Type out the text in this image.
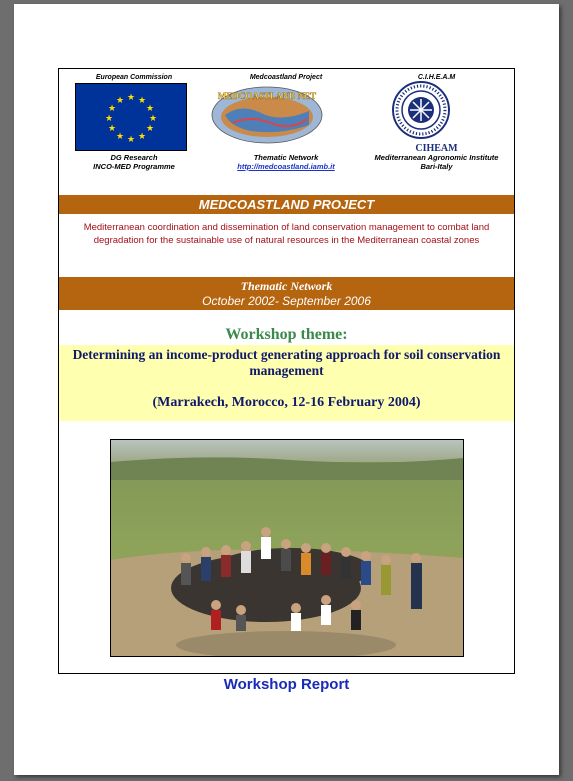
European Commission	Medcoastland Project	C.I.H.E.A.M
★ ★
★
★
★
★
★
★
★
★
★
★	MEDCOASTLAND NET
CIHEAM
DG Research
INCO-MED Programme
Thematic Network
http://medcoastland.iamb.it
Mediterranean Agronomic Institute
Bari-Italy
MEDCOASTLAND PROJECT
Mediterranean coordination and dissemination of land conservation management to combat land degradation for the sustainable use of natural resources in the Mediterranean coastal zones
Thematic Network
October 2002- September 2006
Workshop theme:
Determining an income-product generating approach for soil conservation management
(Marrakech, Morocco, 12-16 February 2004)
Workshop Report
